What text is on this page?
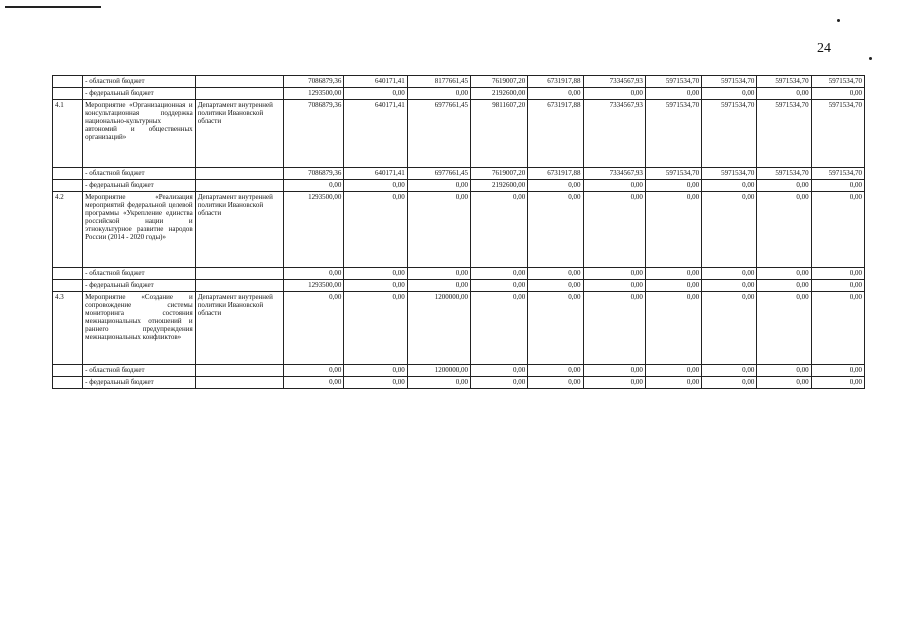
24
	- областной бюджет		7086879,36	640171,41	8177661,45	7619007,20	6731917,88	7334567,93	5971534,70	5971534,70	5971534,70	5971534,70
	- федеральный бюджет		1293500,00	0,00	0,00	2192600,00	0,00	0,00	0,00	0,00	0,00	0,00
4.1	Мероприятие «Организационная и консультационная поддержка национально-культурных автономий и общественных организаций»	Департамент внутренней политики Ивановской области	7086879,36	640171,41	6977661,45	9811607,20	6731917,88	7334567,93	5971534,70	5971534,70	5971534,70	5971534,70
	- областной бюджет		7086879,36	640171,41	6977661,45	7619007,20	6731917,88	7334567,93	5971534,70	5971534,70	5971534,70	5971534,70
	- федеральный бюджет		0,00	0,00	0,00	2192600,00	0,00	0,00	0,00	0,00	0,00	0,00
4.2	Мероприятие «Реализация мероприятий федеральной целевой программы «Укрепление единства российской нации и этнокультурное развитие народов России (2014 - 2020 годы)»	Департамент внутренней политики Ивановской области	1293500,00	0,00	0,00	0,00	0,00	0,00	0,00	0,00	0,00	0,00
	- областной бюджет		0,00	0,00	0,00	0,00	0,00	0,00	0,00	0,00	0,00	0,00
	- федеральный бюджет		1293500,00	0,00	0,00	0,00	0,00	0,00	0,00	0,00	0,00	0,00
4.3	Мероприятие «Создание и сопровождение системы мониторинга состояния межнациональных отношений и раннего предупреждения межнациональных конфликтов»	Департамент внутренней политики Ивановской области	0,00	0,00	1200000,00	0,00	0,00	0,00	0,00	0,00	0,00	0,00
	- областной бюджет		0,00	0,00	1200000,00	0,00	0,00	0,00	0,00	0,00	0,00	0,00
	- федеральный бюджет		0,00	0,00	0,00	0,00	0,00	0,00	0,00	0,00	0,00	0,00
